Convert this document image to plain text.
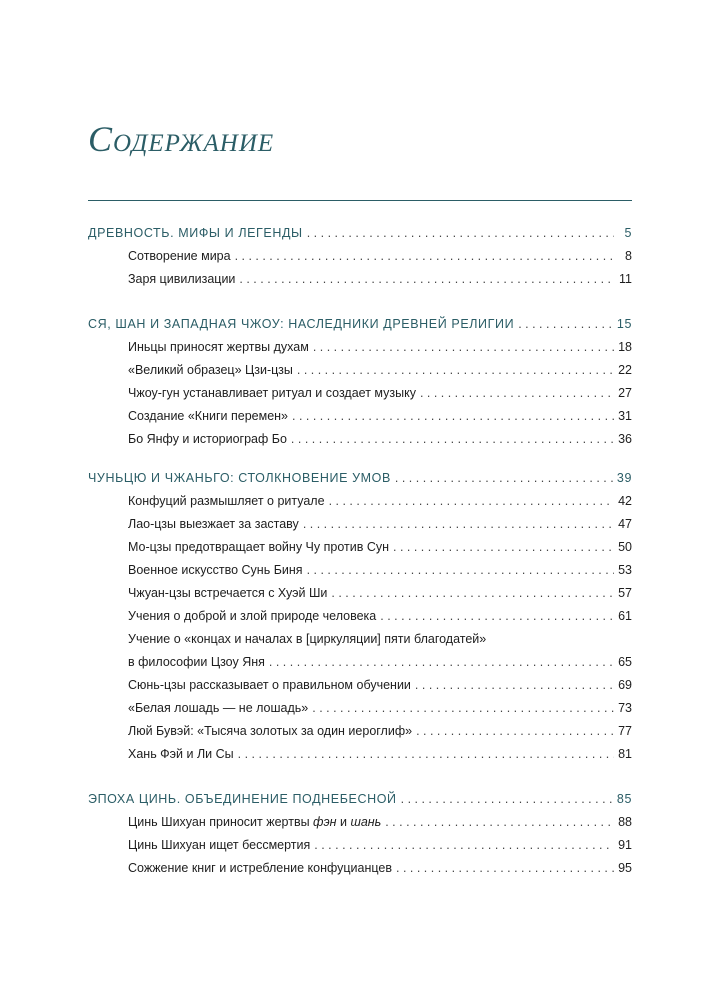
Содержание
ДРЕВНОСТЬ. МИФЫ И ЛЕГЕНДЫ . . .	5
Сотворение мира . . .	8
Заря цивилизации . . .	11
СЯ, ШАН И ЗАПАДНАЯ ЧЖОУ: НАСЛЕДНИКИ ДРЕВНЕЙ РЕЛИГИИ . . .	15
Иньцы приносят жертвы духам . . .	18
«Великий образец» Цзи-цзы . . .	22
Чжоу-гун устанавливает ритуал и создает музыку . . .	27
Создание «Книги перемен» . . .	31
Бо Янфу и историограф Бо . . .	36
ЧУНЬЦЮ И ЧЖАНЬГО: СТОЛКНОВЕНИЕ УМОВ . . .	39
Конфуций размышляет о ритуале . . .	42
Лао-цзы выезжает за заставу . . .	47
Мо-цзы предотвращает войну Чу против Сун . . .	50
Военное искусство Сунь Биня . . .	53
Чжуан-цзы встречается с Хуэй Ши . . .	57
Учения о доброй и злой природе человека . . .	61
Учение о «концах и началах в [циркуляции] пяти благодатей»
в философии Цзоу Яня . . .	65
Сюнь-цзы рассказывает о правильном обучении . . .	69
«Белая лошадь — не лошадь» . . .	73
Люй Бувэй: «Тысяча золотых за один иероглиф» . . .	77
Хань Фэй и Ли Сы . . .	81
ЭПОХА ЦИНЬ. ОБЪЕДИНЕНИЕ ПОДНЕБЕСНОЙ . . .	85
Цинь Шихуан приносит жертвы фэн и шань . . .	88
Цинь Шихуан ищет бессмертия . . .	91
Сожжение книг и истребление конфуцианцев . . .	95
